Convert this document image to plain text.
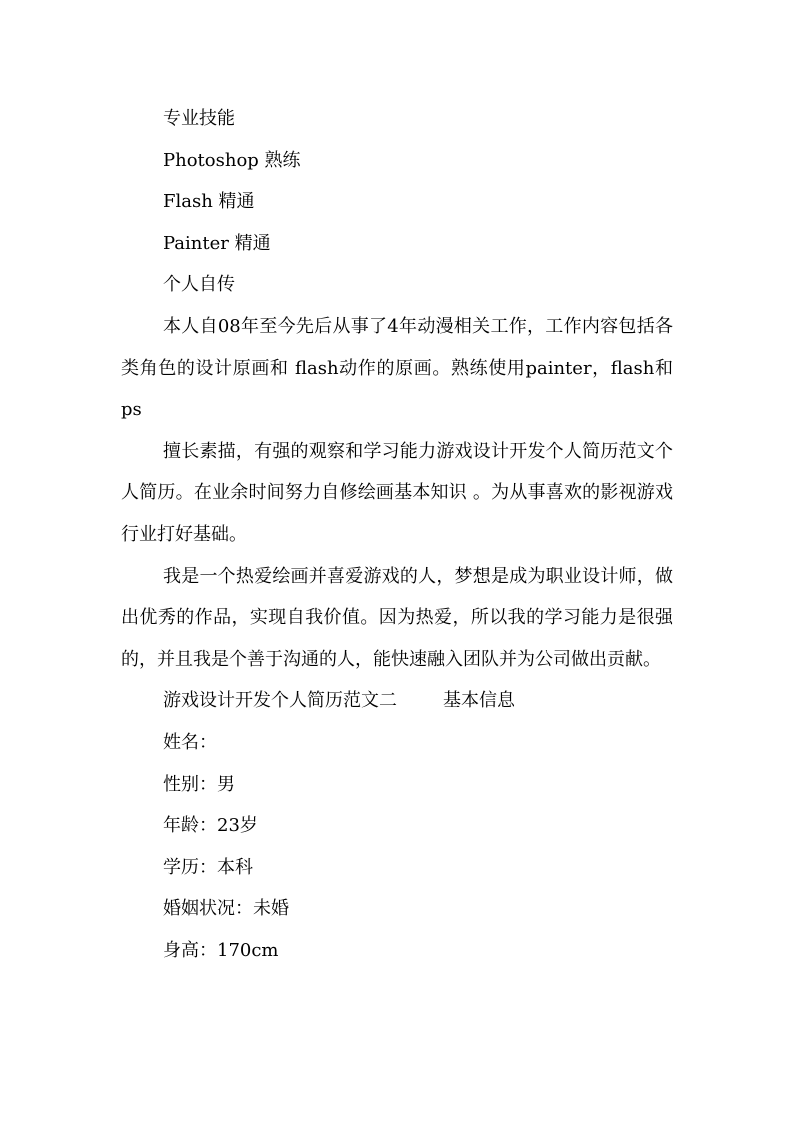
专业技能
Photoshop 熟练
Flash 精通
Painter 精通
个人自传

本人自08年至今先后从事了4年动漫相关工作，工作内容包括各类角色的设计原画和 flash动作的原画。熟练使用painter，flash和ps

擅长素描，有强的观察和学习能力游戏设计开发个人简历范文个人简历。在业余时间努力自修绘画基本知识 。为从事喜欢的影视游戏行业打好基础。

我是一个热爱绘画并喜爱游戏的人，梦想是成为职业设计师，做出优秀的作品，实现自我价值。因为热爱，所以我的学习能力是很强的，并且我是个善于沟通的人，能快速融入团队并为公司做出贡献。

游戏设计开发个人简历范文二	基本信息
姓名：
性别：男
年龄：23岁
学历：本科
婚姻状况：未婚
身高：170cm
